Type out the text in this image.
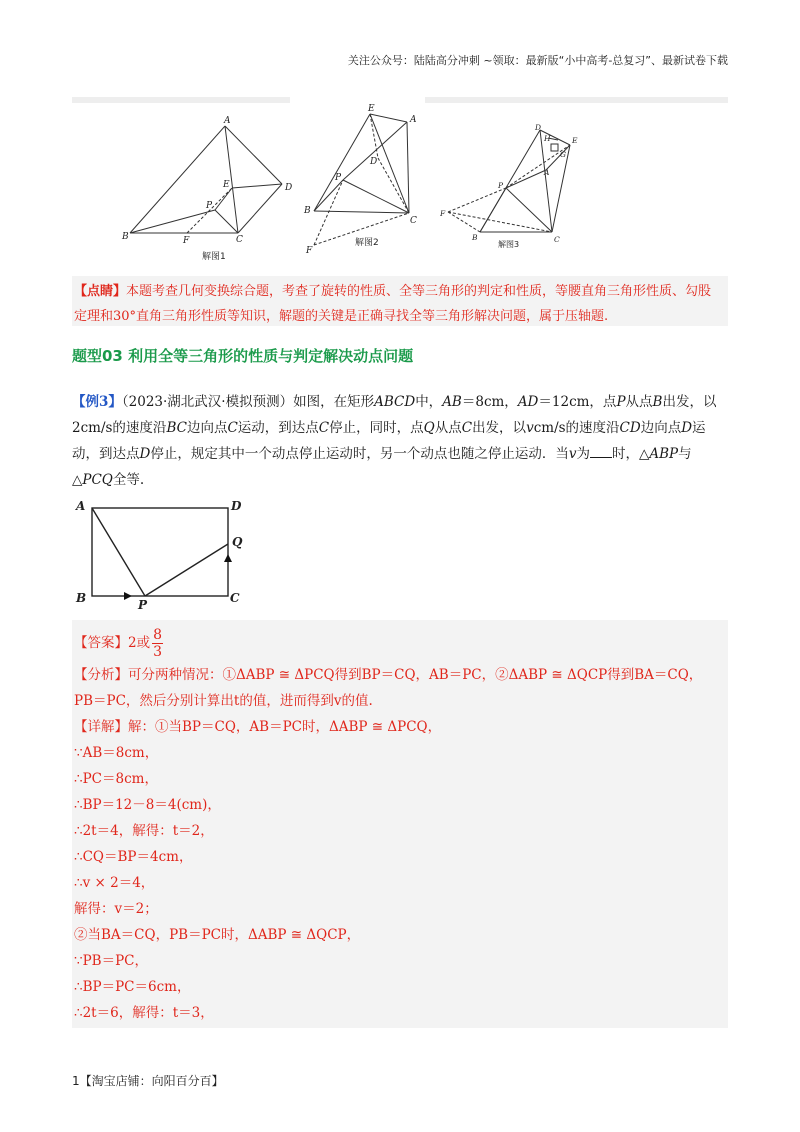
关注公众号：陆陆高分冲刺 ~领取：最新版“小中高考-总复习”、最新试卷下载
A
B	C
D
E
F
P
解图1
E
A
D
P
B
C
F
解图2
D
E
H
G
A
P
F
B	C
解图3

【点睛】本题考查几何变换综合题，考查了旋转的性质、全等三角形的判定和性质，等腰直角三角形性质、勾股定理和30°直角三角形性质等知识，解题的关键是正确寻找全等三角形解决问题，属于压轴题.

题型03 利用全等三角形的性质与判定解决动点问题

【例3】（2023·湖北武汉·模拟预测）如图，在矩形ABCD中，AB＝8cm，AD＝12cm，点P从点B出发，以2cm/s的速度沿BC边向点C运动，到达点C停止，同时，点Q从点C出发，以vcm/s的速度沿CD边向点D运动，到达点D停止，规定其中一个动点停止运动时，另一个动点也随之停止运动．当v为 时，△ABP与△PCQ全等.

A	D
Q
B	P	C
【答案】2或 $\frac{8}{3}$
【分析】可分两种情况：①ΔABP ≅ ΔPCQ得到BP＝CQ，AB＝PC，②ΔABP ≅ ΔQCP得到BA＝CQ，
PB＝PC，然后分别计算出t的值，进而得到v的值.
【详解】解：①当BP＝CQ，AB＝PC时，ΔABP ≅ ΔPCQ，
∵AB＝8cm，
∴PC＝8cm，
∴BP＝12－8＝4(cm)，
∴2t＝4，解得：t＝2，
∴CQ＝BP＝4cm，
∴v × 2＝4，
解得：v＝2；
②当BA＝CQ，PB＝PC时，ΔABP ≅ ΔQCP，
∵PB＝PC，
∴BP＝PC＝6cm，
∴2t＝6，解得：t＝3，
1【淘宝店铺：向阳百分百】
